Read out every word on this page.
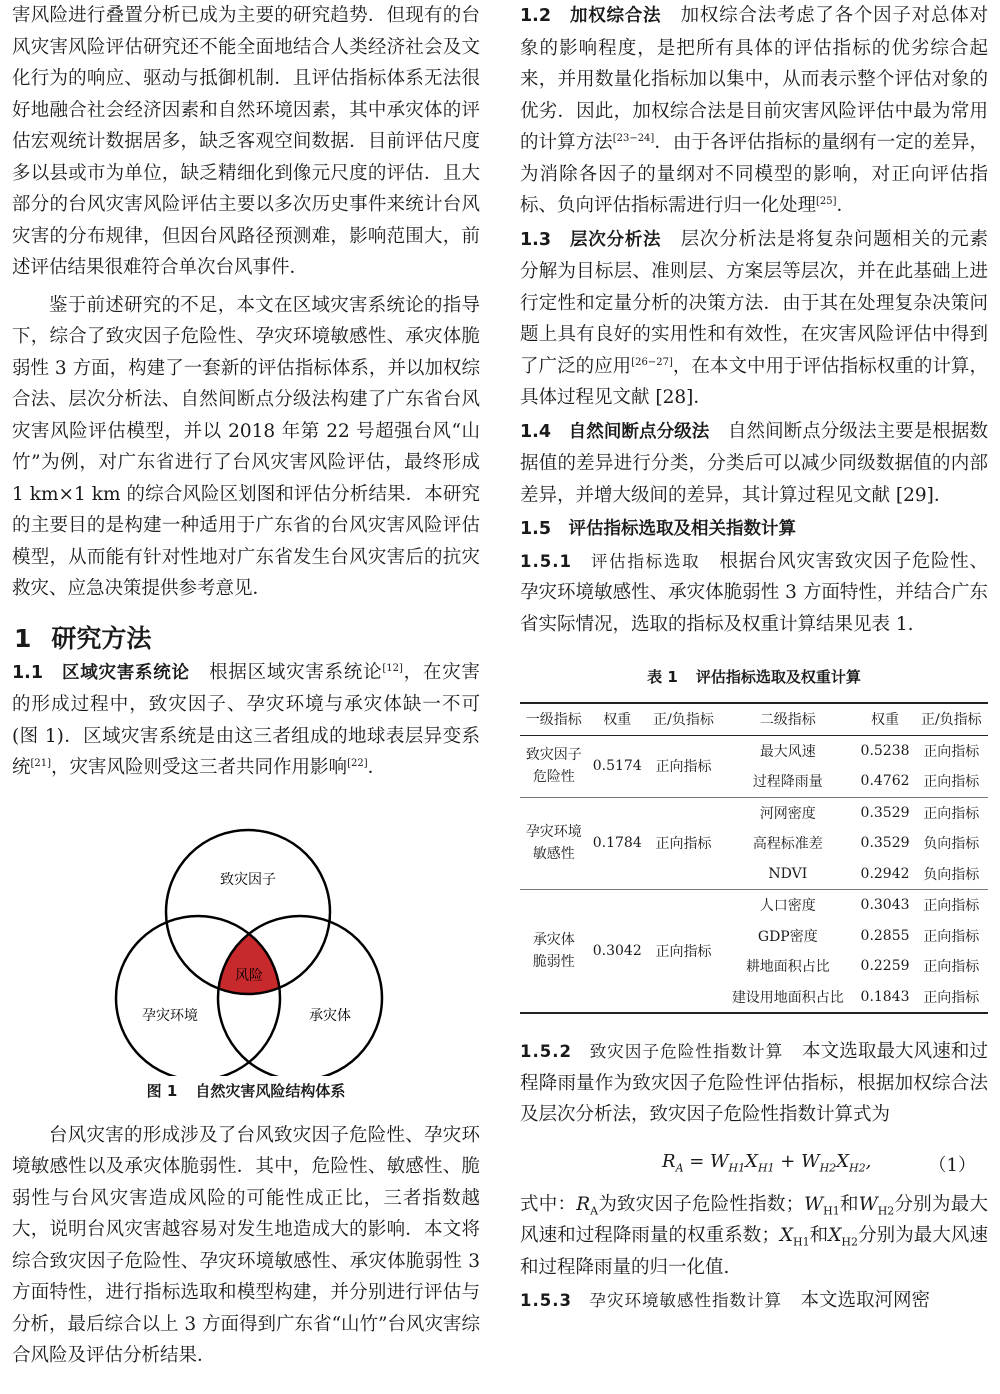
害风险进行叠置分析已成为主要的研究趋势．但现有的台风灾害风险评估研究还不能全面地结合人类经济社会及文化行为的响应、驱动与抵御机制．且评估指标体系无法很好地融合社会经济因素和自然环境因素，其中承灾体的评估宏观统计数据居多，缺乏客观空间数据．目前评估尺度多以县或市为单位，缺乏精细化到像元尺度的评估．且大部分的台风灾害风险评估主要以多次历史事件来统计台风灾害的分布规律，但因台风路径预测难，影响范围大，前述评估结果很难符合单次台风事件．

鉴于前述研究的不足，本文在区域灾害系统论的指导下，综合了致灾因子危险性、孕灾环境敏感性、承灾体脆弱性 3 方面，构建了一套新的评估指标体系，并以加权综合法、层次分析法、自然间断点分级法构建了广东省台风灾害风险评估模型，并以 2018 年第 22 号超强台风“山竹”为例，对广东省进行了台风灾害风险评估，最终形成 1 km×1 km 的综合风险区划图和评估分析结果．本研究的主要目的是构建一种适用于广东省的台风灾害风险评估模型，从而能有针对性地对广东省发生台风灾害后的抗灾救灾、应急决策提供参考意见．

1 研究方法

1.1　区域灾害系统论　 根据区域灾害系统论[12]，在灾害的形成过程中，致灾因子、孕灾环境与承灾体缺一不可(图 1)．区域灾害系统是由这三者组成的地球表层异变系统[21]，灾害风险则受这三者共同作用影响[22]．

致灾因子
孕灾环境	承灾体
风险
图 1 自然灾害风险结构体系

台风灾害的形成涉及了台风致灾因子危险性、孕灾环境敏感性以及承灾体脆弱性．其中，危险性、敏感性、脆弱性与台风灾害造成风险的可能性成正比，三者指数越大，说明台风灾害越容易对发生地造成大的影响．本文将综合致灾因子危险性、孕灾环境敏感性、承灾体脆弱性 3 方面特性，进行指标选取和模型构建，并分别进行评估与分析，最后综合以上 3 方面得到广东省“山竹”台风灾害综合风险及评估分析结果．

1.2　加权综合法　 加权综合法考虑了各个因子对总体对象的影响程度，是把所有具体的评估指标的优劣综合起来，并用数量化指标加以集中，从而表示整个评估对象的优劣．因此，加权综合法是目前灾害风险评估中最为常用的计算方法[23−24]．由于各评估指标的量纲有一定的差异，为消除各因子的量纲对不同模型的影响，对正向评估指标、负向评估指标需进行归一化处理[25]．

1.3　层次分析法　 层次分析法是将复杂问题相关的元素分解为目标层、准则层、方案层等层次，并在此基础上进行定性和定量分析的决策方法．由于其在处理复杂决策问题上具有良好的实用性和有效性，在灾害风险评估中得到了广泛的应用[26−27]，在本文中用于评估指标权重的计算，具体过程见文献 [28]．

1.4　自然间断点分级法　 自然间断点分级法主要是根据数据值的差异进行分类，分类后可以减少同级数据值的内部差异，并增大级间的差异，其计算过程见文献 [29]．

1.5　评估指标选取及相关指数计算

1.5.1　 评估指标选取　 根据台风灾害致灾因子危险性、孕灾环境敏感性、承灾体脆弱性 3 方面特性，并结合广东省实际情况，选取的指标及权重计算结果见表 1.

表 1 评估指标选取及权重计算
一级指标	权重	正/负指标	二级指标	权重	正/负指标
致灾因子
危险性	0.5174	正向指标	最大风速	0.5238	正向指标
			过程降雨量	0.4762	正向指标
孕灾环境
敏感性	0.1784	正向指标	河网密度	0.3529	正向指标
			高程标准差	0.3529	负向指标
			NDVI	0.2942	负向指标
承灾体
脆弱性	0.3042	正向指标	人口密度	0.3043	正向指标
			GDP密度	0.2855	正向指标
			耕地面积占比	0.2259	正向指标
			建设用地面积占比	0.1843	正向指标

1.5.2　 致灾因子危险性指数计算　 本文选取最大风速和过程降雨量作为致灾因子危险性评估指标，根据加权综合法及层次分析法，致灾因子危险性指数计算式为

$R_A = W_{H1}X_{H1} + W_{H2}X_{H2}$,	（1）

式中：$R_A$为致灾因子危险性指数；$W_{H1}$和$W_{H2}$分别为最大风速和过程降雨量的权重系数；$X_{H1}$和$X_{H2}$分别为最大风速和过程降雨量的归一化值.

1.5.3　 孕灾环境敏感性指数计算　 本文选取河网密
